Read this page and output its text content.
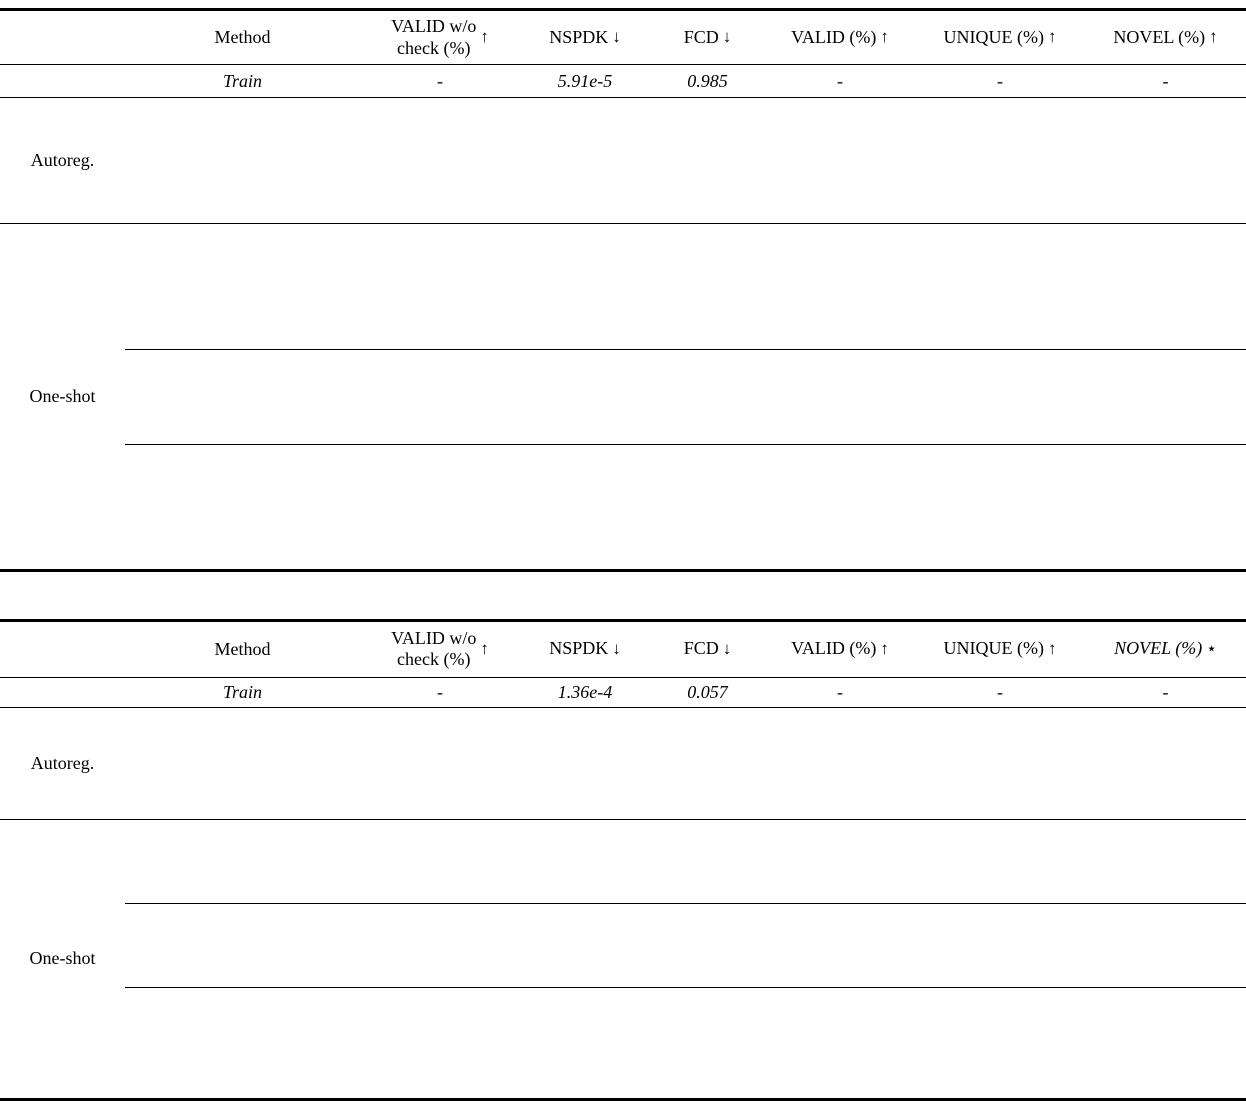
	Method	VALID w/o
check (%)
↑	NSPDK ↓	FCD ↓	VALID (%) ↑	UNIQUE (%) ↑	NOVEL (%) ↑

	Train	-	5.91e-5	0.985	-	-	-
Autoreg.							

One-shot							

	Method	VALID w/o
check (%)
↑	NSPDK ↓	FCD ↓	VALID (%) ↑	UNIQUE (%) ↑	NOVEL (%) ⋆

	Train	-	1.36e-4	0.057	-	-	-
Autoreg.							

One-shot							
